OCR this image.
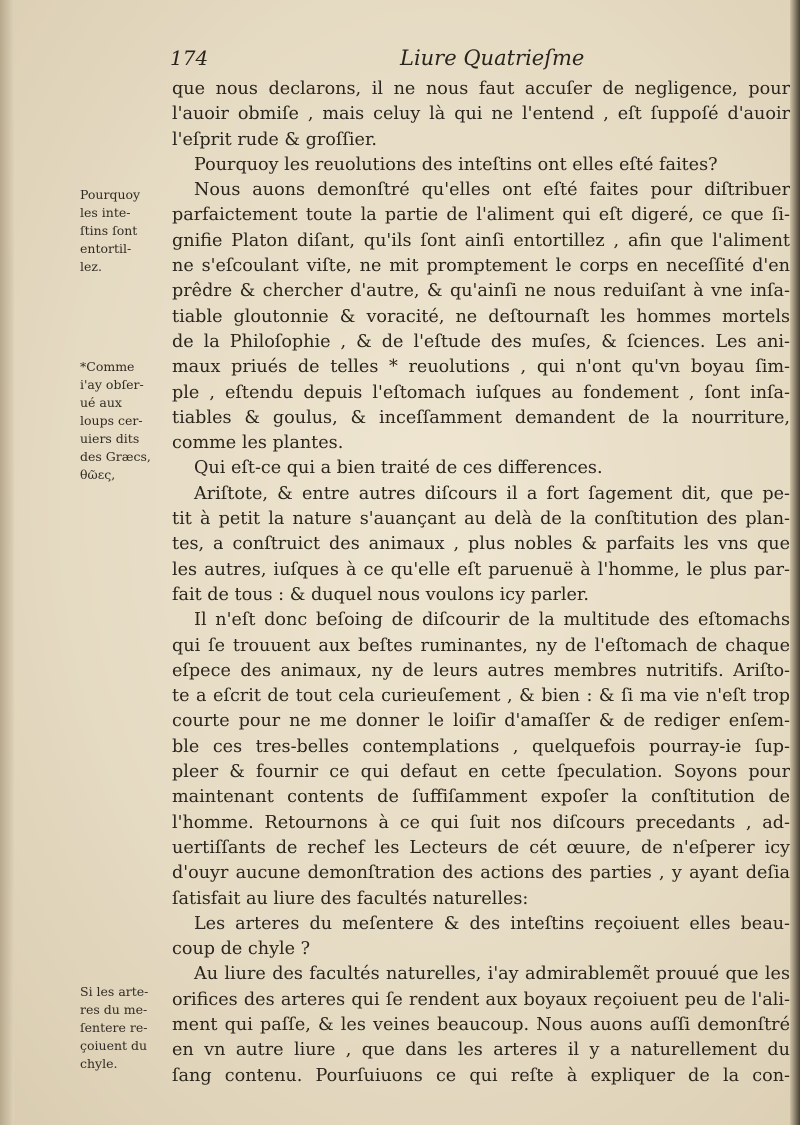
174	Liure Quatrieſme
Pourquoy
les inte-
ſtins ſont
entortil-
lez.
*Comme
i'ay obſer-
ué aux
loups cer-
uiers dits
des Græcs,
θῶες,
Si les arte-
res du me-
ſentere re-
çoiuent du
chyle.
que nous declarons, il ne nous faut accuſer de negligence, pour
l'auoir obmiſe , mais celuy là qui ne l'entend , eſt ſuppoſé d'auoir
l'eſprit rude & groſſier.
Pourquoy les reuolutions des inteſtins ont elles eſté faites?
Nous auons demonſtré qu'elles ont eſté faites pour diſtribuer
parfaictement toute la partie de l'aliment qui eſt digeré, ce que ſi-
gnifie Platon diſant, qu'ils ſont ainſi entortillez , afin que l'aliment
ne s'eſcoulant viſte, ne mit promptement le corps en neceſſité d'en
prêdre & chercher d'autre, & qu'ainſi ne nous reduiſant à vne inſa-
tiable gloutonnie & voracité, ne deſtournaſt les hommes mortels
de la Philoſophie , & de l'eſtude des muſes, & ſciences. Les ani-
maux priués de telles * reuolutions , qui n'ont qu'vn boyau ſim-
ple , eſtendu depuis l'eſtomach iuſques au fondement , ſont inſa-
tiables & goulus, & inceſſamment demandent de la nourriture,
comme les plantes.
Qui eſt-ce qui a bien traité de ces differences.
Ariſtote, & entre autres diſcours il a fort ſagement dit, que pe-
tit à petit la nature s'auançant au delà de la conſtitution des plan-
tes, a conſtruict des animaux , plus nobles & parfaits les vns que
les autres, iuſques à ce qu'elle eſt paruenuë à l'homme, le plus par-
fait de tous : & duquel nous voulons icy parler.
Il n'eſt donc beſoing de diſcourir de la multitude des eſtomachs
qui ſe trouuent aux beſtes ruminantes, ny de l'eſtomach de chaque
eſpece des animaux, ny de leurs autres membres nutritifs. Ariſto-
te a eſcrit de tout cela curieuſement , & bien : & ſi ma vie n'eſt trop
courte pour ne me donner le loiſir d'amaſſer & de rediger enſem-
ble ces tres-belles contemplations , quelquefois pourray-ie ſup-
pleer & fournir ce qui defaut en cette ſpeculation. Soyons pour
maintenant contents de ſuffiſamment expoſer la conſtitution de
l'homme. Retournons à ce qui ſuit nos diſcours precedants , ad-
uertiſſants de rechef les Lecteurs de cét œuure, de n'eſperer icy
d'ouyr aucune demonſtration des actions des parties , y ayant deſia
ſatisfait au liure des facultés naturelles:
Les arteres du meſentere & des inteſtins reçoiuent elles beau-
coup de chyle ?
Au liure des facultés naturelles, i'ay admirablemẽt prouué que les
orifices des arteres qui ſe rendent aux boyaux reçoiuent peu de l'ali-
ment qui paſſe, & les veines beaucoup. Nous auons auſſi demonſtré
en vn autre liure , que dans les arteres il y a naturellement du
ſang contenu. Pourſuiuons ce qui reſte à expliquer de la con-
